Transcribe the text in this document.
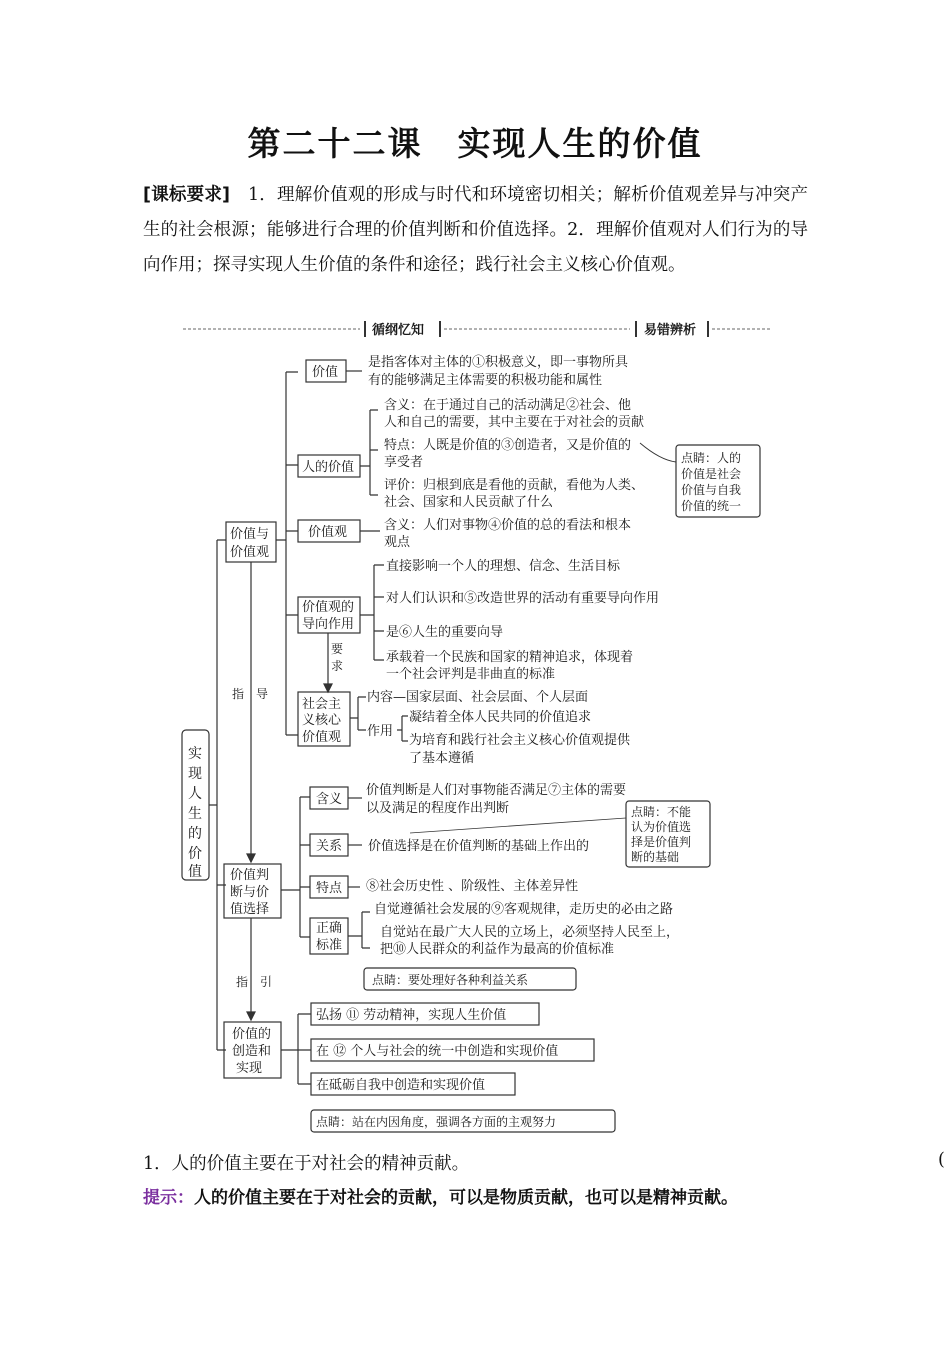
第二十二课　实现人生的价值
[课标要求]　1．理解价值观的形成与时代和环境密切相关；解析价值观差异与冲突产生的社会根源；能够进行合理的价值判断和价值选择。2．理解价值观对人们行为的导向作用；探寻实现人生价值的条件和途径；践行社会主义核心价值观。
循纲忆知	易错辨析
实
现
人
生
的
价
值
价值与
价值观
价值
是指客体对主体的①积极意义，即一事物所具
有的能够满足主体需要的积极功能和属性
人的价值
含义：在于通过自己的活动满足②社会、他
人和自己的需要，其中主要在于对社会的贡献
特点：人既是价值的③创造者，又是价值的
享受者
评价：归根到底是看他的贡献，看他为人类、
社会、国家和人民贡献了什么
点睛：人的
价值是社会
价值与自我
价值的统一
价值观	含义：人们对事物④价值的总的看法和根本
观点
价值观的
导向作用
直接影响一个人的理想、信念、生活目标
对人们认识和⑤改造世界的活动有重要导向作用
是⑥人生的重要向导
承载着一个民族和国家的精神追求，体现着
一个社会评判是非曲直的标准
要
求
社会主
义核心
价值观
内容—国家层面、社会层面、个人层面
作用
凝结着全体人民共同的价值追求
为培育和践行社会主义核心价值观提供
了基本遵循
指　导
价值判
断与价
值选择
含义
价值判断是人们对事物能否满足⑦主体的需要
以及满足的程度作出判断
关系 价值选择是在价值判断的基础上作出的
点睛：不能
认为价值选
择是价值判
断的基础
特点 ⑧社会历史性 、阶级性、主体差异性
正确
标准
自觉遵循社会发展的⑨客观规律，走历史的必由之路
自觉站在最广大人民的立场上，必须坚持人民至上，
把⑩人民群众的利益作为最高的价值标准
点睛：要处理好各种利益关系
指　引
价值的
创造和
实现
弘扬 ⑪ 劳动精神，实现人生价值
在 ⑫ 个人与社会的统一中创造和实现价值
在砥砺自我中创造和实现价值
点睛：站在内因角度，强调各方面的主观努力
1．人的价值主要在于对社会的精神贡献。	(
提示：人的价值主要在于对社会的贡献，可以是物质贡献，也可以是精神贡献。
